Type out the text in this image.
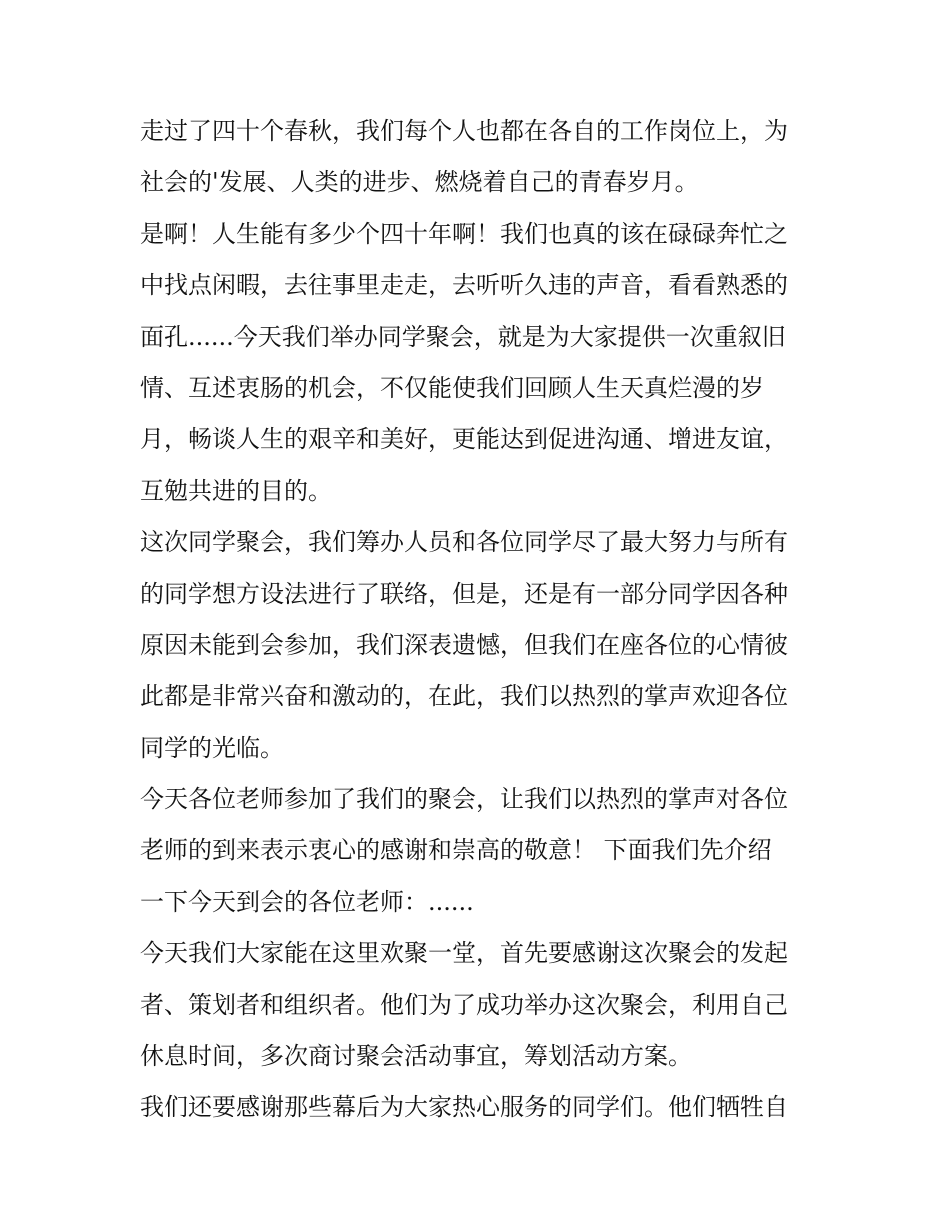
走过了四十个春秋，我们每个人也都在各自的工作岗位上，为
社会的'发展、人类的进步、燃烧着自己的青春岁月。
是啊！人生能有多少个四十年啊！我们也真的该在碌碌奔忙之
中找点闲暇，去往事里走走，去听听久违的声音，看看熟悉的
面孔......今天我们举办同学聚会，就是为大家提供一次重叙旧
情、互述衷肠的机会，不仅能使我们回顾人生天真烂漫的岁
月，畅谈人生的艰辛和美好，更能达到促进沟通、增进友谊，
互勉共进的目的。
这次同学聚会，我们筹办人员和各位同学尽了最大努力与所有
的同学想方设法进行了联络，但是，还是有一部分同学因各种
原因未能到会参加，我们深表遗憾，但我们在座各位的心情彼
此都是非常兴奋和激动的，在此，我们以热烈的掌声欢迎各位
同学的光临。
今天各位老师参加了我们的聚会，让我们以热烈的掌声对各位
老师的到来表示衷心的感谢和崇高的敬意！ 下面我们先介绍
一下今天到会的各位老师：......
今天我们大家能在这里欢聚一堂，首先要感谢这次聚会的发起
者、策划者和组织者。他们为了成功举办这次聚会，利用自己
休息时间，多次商讨聚会活动事宜，筹划活动方案。
我们还要感谢那些幕后为大家热心服务的同学们。他们牺牲自
